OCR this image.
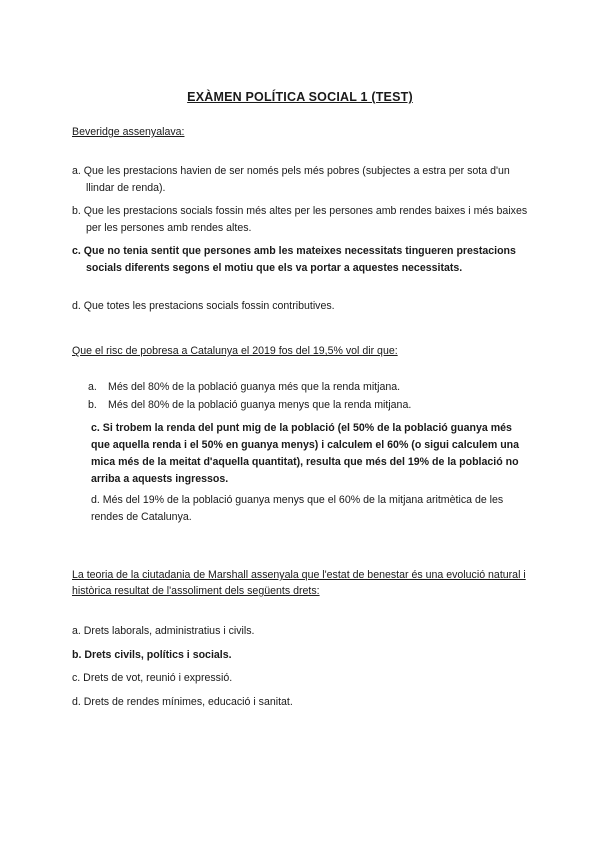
EXÀMEN POLÍTICA SOCIAL 1 (TEST)
Beveridge assenyalava:
a. Que les prestacions havien de ser només pels més pobres (subjectes a estra per sota d'un llindar de renda).
b. Que les prestacions socials fossin més altes per les persones amb rendes baixes i més baixes per les persones amb rendes altes.
c. Que no tenia sentit que persones amb les mateixes necessitats tingueren prestacions socials diferents segons el motiu que els va portar a aquestes necessitats.
d. Que totes les prestacions socials fossin contributives.
Que el risc de pobresa a Catalunya el 2019 fos del 19,5% vol dir que:
a. Més del 80% de la població guanya més que la renda mitjana.
b. Més del 80% de la població guanya menys que la renda mitjana.
c. Si trobem la renda del punt mig de la població (el 50% de la població guanya més que aquella renda i el 50% en guanya menys) i calculem el 60% (o sigui calculem una mica més de la meitat d'aquella quantitat), resulta que més del 19% de la població no arriba a aquests ingressos.
d. Més del 19% de la població guanya menys que el 60% de la mitjana aritmètica de les rendes de Catalunya.
La teoria de la ciutadania de Marshall assenyala que l'estat de benestar és una evolució natural i històrica resultat de l'assoliment dels següents drets:
a. Drets laborals, administratius i civils.
b. Drets civils, polítics i socials.
c. Drets de vot, reunió i expressió.
d. Drets de rendes mínimes, educació i sanitat.
